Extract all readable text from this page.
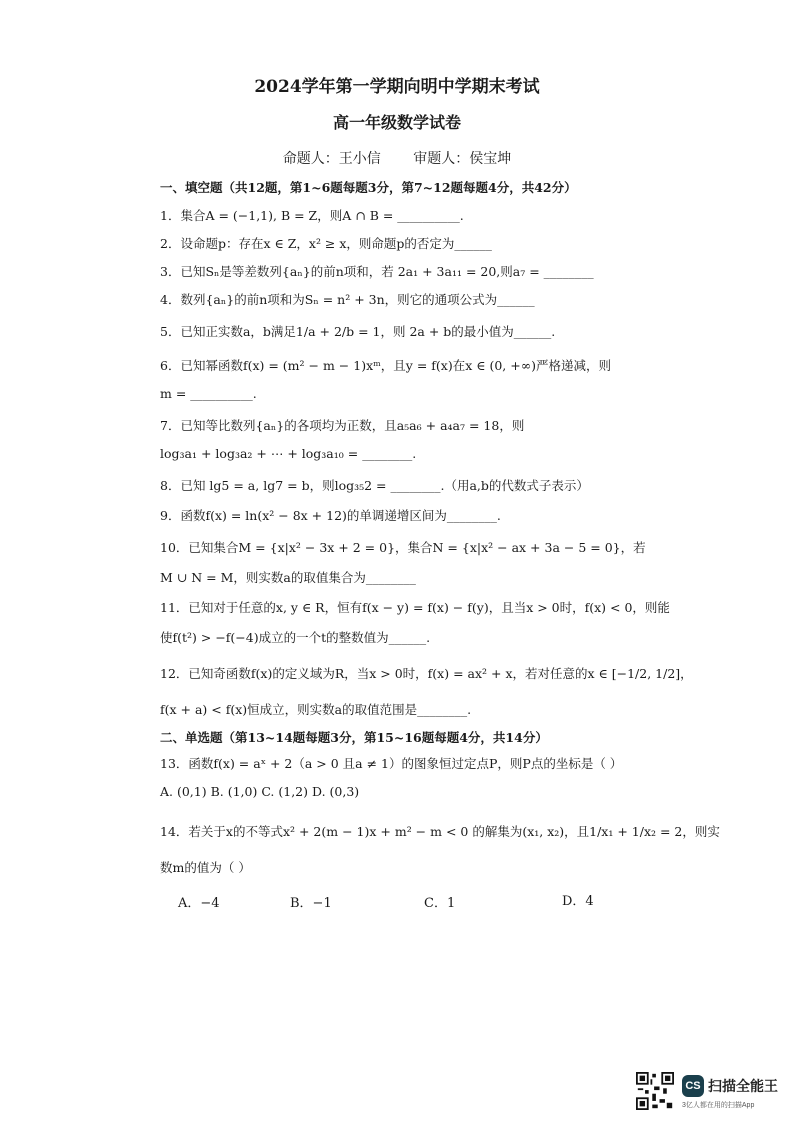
2024学年第一学期向明中学期末考试
高一年级数学试卷
命题人：王小信 审题人：侯宝坤
一、填空题（共12题，第1~6题每题3分，第7~12题每题4分，共42分）
1．集合A = (−1,1), B = Z，则A ∩ B = __________.
2．设命题p：存在x ∈ Z，x² ≥ x，则命题p的否定为______
3．已知Sₙ是等差数列{aₙ}的前n项和，若 2a₁ + 3a₁₁ = 20,则a₇ = ________
4．数列{aₙ}的前n项和为Sₙ = n² + 3n，则它的通项公式为______
5．已知正实数a，b满足1/a + 2/b = 1，则 2a + b的最小值为______.
6．已知幂函数f(x) = (m² − m − 1)xᵐ，且y = f(x)在x ∈ (0, +∞)严格递减，则
m = __________.
7．已知等比数列{aₙ}的各项均为正数，且a₅a₆ + a₄a₇ = 18，则
log₃a₁ + log₃a₂ + ⋯ + log₃a₁₀ = ________.
8．已知 lg5 = a, lg7 = b，则log₃₅2 = ________.（用a,b的代数式子表示）
9．函数f(x) = ln(x² − 8x + 12)的单调递增区间为________.
10．已知集合M = {x|x² − 3x + 2 = 0}，集合N = {x|x² − ax + 3a − 5 = 0}，若
M ∪ N = M，则实数a的取值集合为________
11．已知对于任意的x, y ∈ R，恒有f(x − y) = f(x) − f(y)，且当x > 0时，f(x) < 0，则能
使f(t²) > −f(−4)成立的一个t的整数值为______.
12．已知奇函数f(x)的定义域为R，当x > 0时，f(x) = ax² + x，若对任意的x ∈ [−1/2, 1/2]，
f(x + a) < f(x)恒成立，则实数a的取值范围是________.
二、单选题（第13~14题每题3分，第15~16题每题4分，共14分）
13．函数f(x) = aˣ + 2（a > 0 且a ≠ 1）的图象恒过定点P，则P点的坐标是（ ）
A. (0,1) B. (1,0) C. (1,2) D. (0,3)
14．若关于x的不等式x² + 2(m − 1)x + m² − m < 0 的解集为(x₁, x₂)，且1/x₁ + 1/x₂ = 2，则实
数m的值为（ ）
A．−4	B．−1	C．1	D．4
CS 扫描全能王
3亿人都在用的扫描App
